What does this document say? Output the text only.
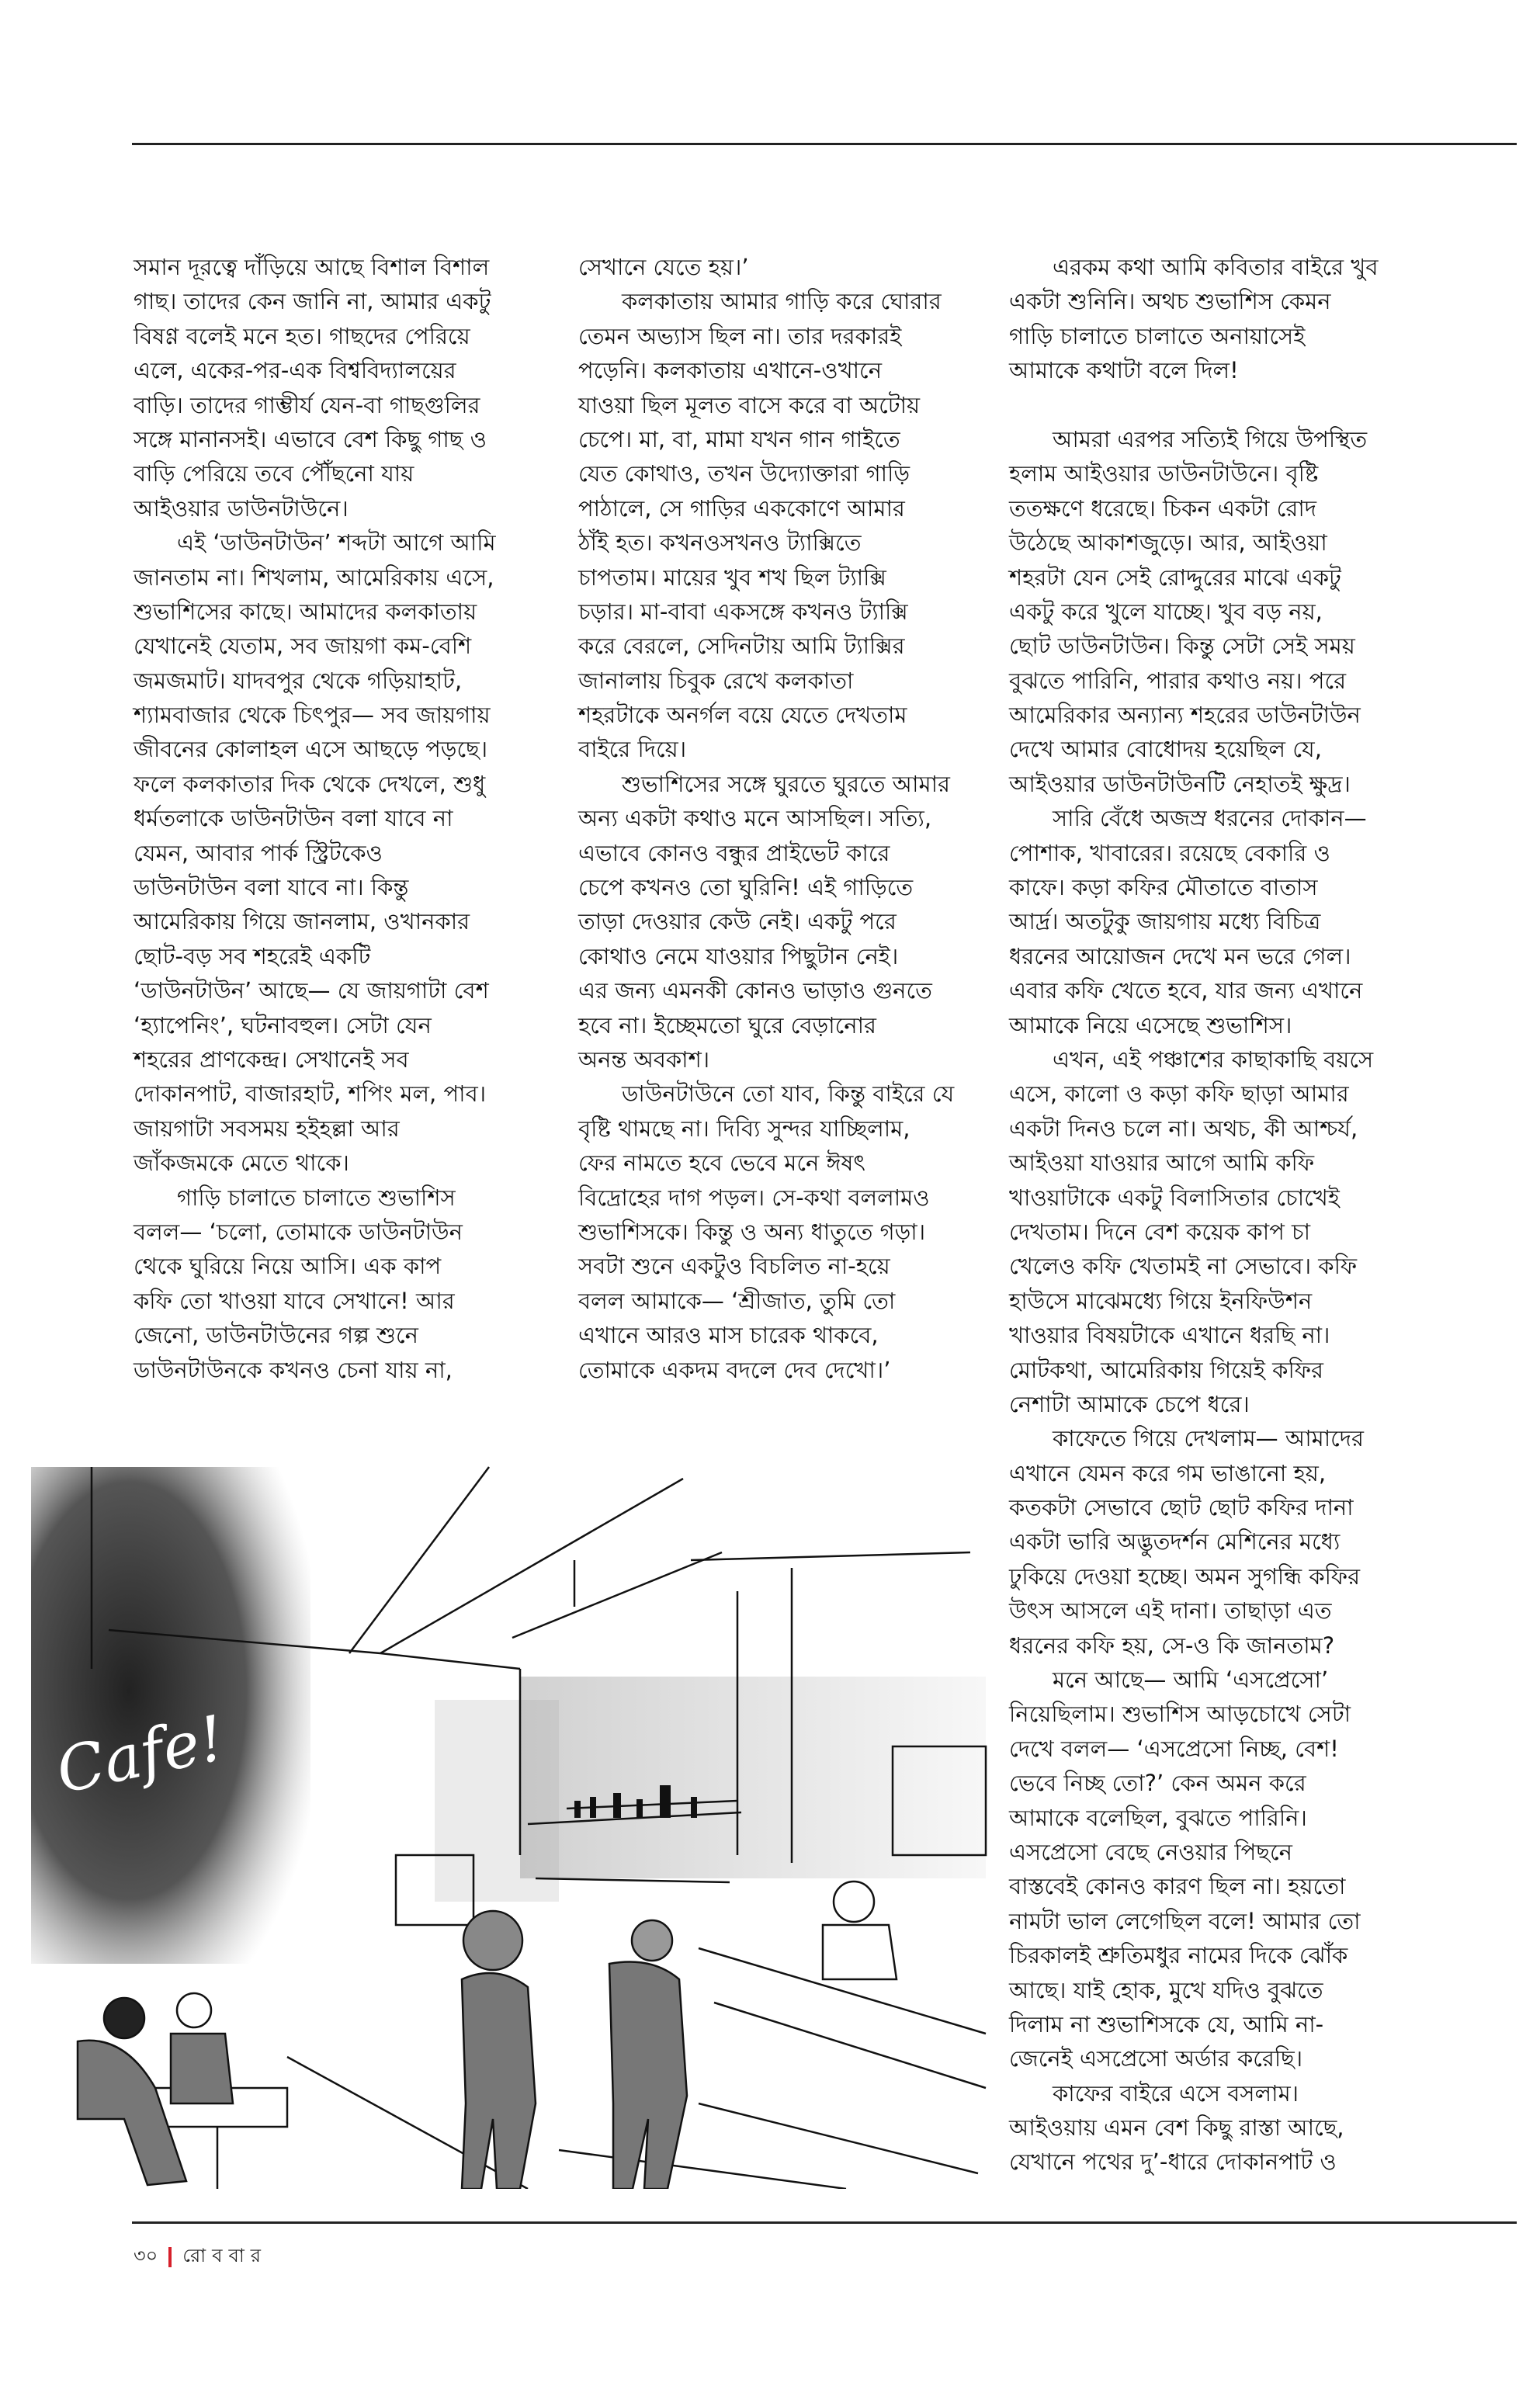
সমান দূরত্বে দাঁড়িয়ে আছে বিশাল বিশাল
গাছ। তাদের কেন জানি না, আমার একটু
বিষণ্ণ বলেই মনে হত। গাছদের পেরিয়ে
এলে, একের-পর-এক বিশ্ববিদ্যালয়ের
বাড়ি। তাদের গাম্ভীর্য যেন-বা গাছগুলির
সঙ্গে মানানসই। এভাবে বেশ কিছু গাছ ও
বাড়ি পেরিয়ে তবে পৌঁছনো যায়
আইওয়ার ডাউনটাউনে।
এই ‘ডাউনটাউন’ শব্দটা আগে আমি
জানতাম না। শিখলাম, আমেরিকায় এসে,
শুভাশিসের কাছে। আমাদের কলকাতায়
যেখানেই যেতাম, সব জায়গা কম-বেশি
জমজমাট। যাদবপুর থেকে গড়িয়াহাট,
শ্যামবাজার থেকে চিৎপুর— সব জায়গায়
জীবনের কোলাহল এসে আছড়ে পড়ছে।
ফলে কলকাতার দিক থেকে দেখলে, শুধু
ধর্মতলাকে ডাউনটাউন বলা যাবে না
যেমন, আবার পার্ক স্ট্রিটকেও
ডাউনটাউন বলা যাবে না। কিন্তু
আমেরিকায় গিয়ে জানলাম, ওখানকার
ছোট-বড় সব শহরেই একটি
‘ডাউনটাউন’ আছে— যে জায়গাটা বেশ
‘হ্যাপেনিং’, ঘটনাবহুল। সেটা যেন
শহরের প্রাণকেন্দ্র। সেখানেই সব
দোকানপাট, বাজারহাট, শপিং মল, পাব।
জায়গাটা সবসময় হইহল্লা আর
জাঁকজমকে মেতে থাকে।
গাড়ি চালাতে চালাতে শুভাশিস
বলল— ‘চলো, তোমাকে ডাউনটাউন
থেকে ঘুরিয়ে নিয়ে আসি। এক কাপ
কফি তো খাওয়া যাবে সেখানে! আর
জেনো, ডাউনটাউনের গল্প শুনে
ডাউনটাউনকে কখনও চেনা যায় না,
সেখানে যেতে হয়।’
কলকাতায় আমার গাড়ি করে ঘোরার
তেমন অভ্যাস ছিল না। তার দরকারই
পড়েনি। কলকাতায় এখানে-ওখানে
যাওয়া ছিল মূলত বাসে করে বা অটোয়
চেপে। মা, বা, মামা যখন গান গাইতে
যেত কোথাও, তখন উদ্যোক্তারা গাড়ি
পাঠালে, সে গাড়ির এককোণে আমার
ঠাঁই হত। কখনওসখনও ট্যাক্সিতে
চাপতাম। মায়ের খুব শখ ছিল ট্যাক্সি
চড়ার। মা-বাবা একসঙ্গে কখনও ট্যাক্সি
করে বেরলে, সেদিনটায় আমি ট্যাক্সির
জানালায় চিবুক রেখে কলকাতা
শহরটাকে অনর্গল বয়ে যেতে দেখতাম
বাইরে দিয়ে।
শুভাশিসের সঙ্গে ঘুরতে ঘুরতে আমার
অন্য একটা কথাও মনে আসছিল। সত্যি,
এভাবে কোনও বন্ধুর প্রাইভেট কারে
চেপে কখনও তো ঘুরিনি! এই গাড়িতে
তাড়া দেওয়ার কেউ নেই। একটু পরে
কোথাও নেমে যাওয়ার পিছুটান নেই।
এর জন্য এমনকী কোনও ভাড়াও গুনতে
হবে না। ইচ্ছেমতো ঘুরে বেড়ানোর
অনন্ত অবকাশ।
ডাউনটাউনে তো যাব, কিন্তু বাইরে যে
বৃষ্টি থামছে না। দিব্যি সুন্দর যাচ্ছিলাম,
ফের নামতে হবে ভেবে মনে ঈষৎ
বিদ্রোহের দাগ পড়ল। সে-কথা বললামও
শুভাশিসকে। কিন্তু ও অন্য ধাতুতে গড়া।
সবটা শুনে একটুও বিচলিত না-হয়ে
বলল আমাকে— ‘শ্রীজাত, তুমি তো
এখানে আরও মাস চারেক থাকবে,
তোমাকে একদম বদলে দেব দেখো।’
এরকম কথা আমি কবিতার বাইরে খুব
একটা শুনিনি। অথচ শুভাশিস কেমন
গাড়ি চালাতে চালাতে অনায়াসেই
আমাকে কথাটা বলে দিল!
আমরা এরপর সত্যিই গিয়ে উপস্থিত
হলাম আইওয়ার ডাউনটাউনে। বৃষ্টি
ততক্ষণে ধরেছে। চিকন একটা রোদ
উঠেছে আকাশজুড়ে। আর, আইওয়া
শহরটা যেন সেই রোদ্দুরের মাঝে একটু
একটু করে খুলে যাচ্ছে। খুব বড় নয়,
ছোট ডাউনটাউন। কিন্তু সেটা সেই সময়
বুঝতে পারিনি, পারার কথাও নয়। পরে
আমেরিকার অন্যান্য শহরের ডাউনটাউন
দেখে আমার বোধোদয় হয়েছিল যে,
আইওয়ার ডাউনটাউনটি নেহাতই ক্ষুদ্র।
সারি বেঁধে অজস্র ধরনের দোকান—
পোশাক, খাবারের। রয়েছে বেকারি ও
কাফে। কড়া কফির মৌতাতে বাতাস
আর্দ্র। অতটুকু জায়গায় মধ্যে বিচিত্র
ধরনের আয়োজন দেখে মন ভরে গেল।
এবার কফি খেতে হবে, যার জন্য এখানে
আমাকে নিয়ে এসেছে শুভাশিস।
এখন, এই পঞ্চাশের কাছাকাছি বয়সে
এসে, কালো ও কড়া কফি ছাড়া আমার
একটা দিনও চলে না। অথচ, কী আশ্চর্য,
আইওয়া যাওয়ার আগে আমি কফি
খাওয়াটাকে একটু বিলাসিতার চোখেই
দেখতাম। দিনে বেশ কয়েক কাপ চা
খেলেও কফি খেতামই না সেভাবে। কফি
হাউসে মাঝেমধ্যে গিয়ে ইনফিউশন
খাওয়ার বিষয়টাকে এখানে ধরছি না।
মোটকথা, আমেরিকায় গিয়েই কফির
নেশাটা আমাকে চেপে ধরে।
কাফেতে গিয়ে দেখলাম— আমাদের
এখানে যেমন করে গম ভাঙানো হয়,
কতকটা সেভাবে ছোট ছোট কফির দানা
একটা ভারি অদ্ভুতদর্শন মেশিনের মধ্যে
ঢুকিয়ে দেওয়া হচ্ছে। অমন সুগন্ধি কফির
উৎস আসলে এই দানা। তাছাড়া এত
ধরনের কফি হয়, সে-ও কি জানতাম?
মনে আছে— আমি ‘এসপ্রেসো’
নিয়েছিলাম। শুভাশিস আড়চোখে সেটা
দেখে বলল— ‘এসপ্রেসো নিচ্ছ, বেশ!
ভেবে নিচ্ছ তো?’ কেন অমন করে
আমাকে বলেছিল, বুঝতে পারিনি।
এসপ্রেসো বেছে নেওয়ার পিছনে
বাস্তবেই কোনও কারণ ছিল না। হয়তো
নামটা ভাল লেগেছিল বলে! আমার তো
চিরকালই শ্রুতিমধুর নামের দিকে ঝোঁক
আছে। যাই হোক, মুখে যদিও বুঝতে
দিলাম না শুভাশিসকে যে, আমি না-
জেনেই এসপ্রেসো অর্ডার করেছি।
কাফের বাইরে এসে বসলাম।
আইওয়ায় এমন বেশ কিছু রাস্তা আছে,
যেখানে পথের দু’-ধারে দোকানপাট ও
Cafe!
৩০ রোববার
